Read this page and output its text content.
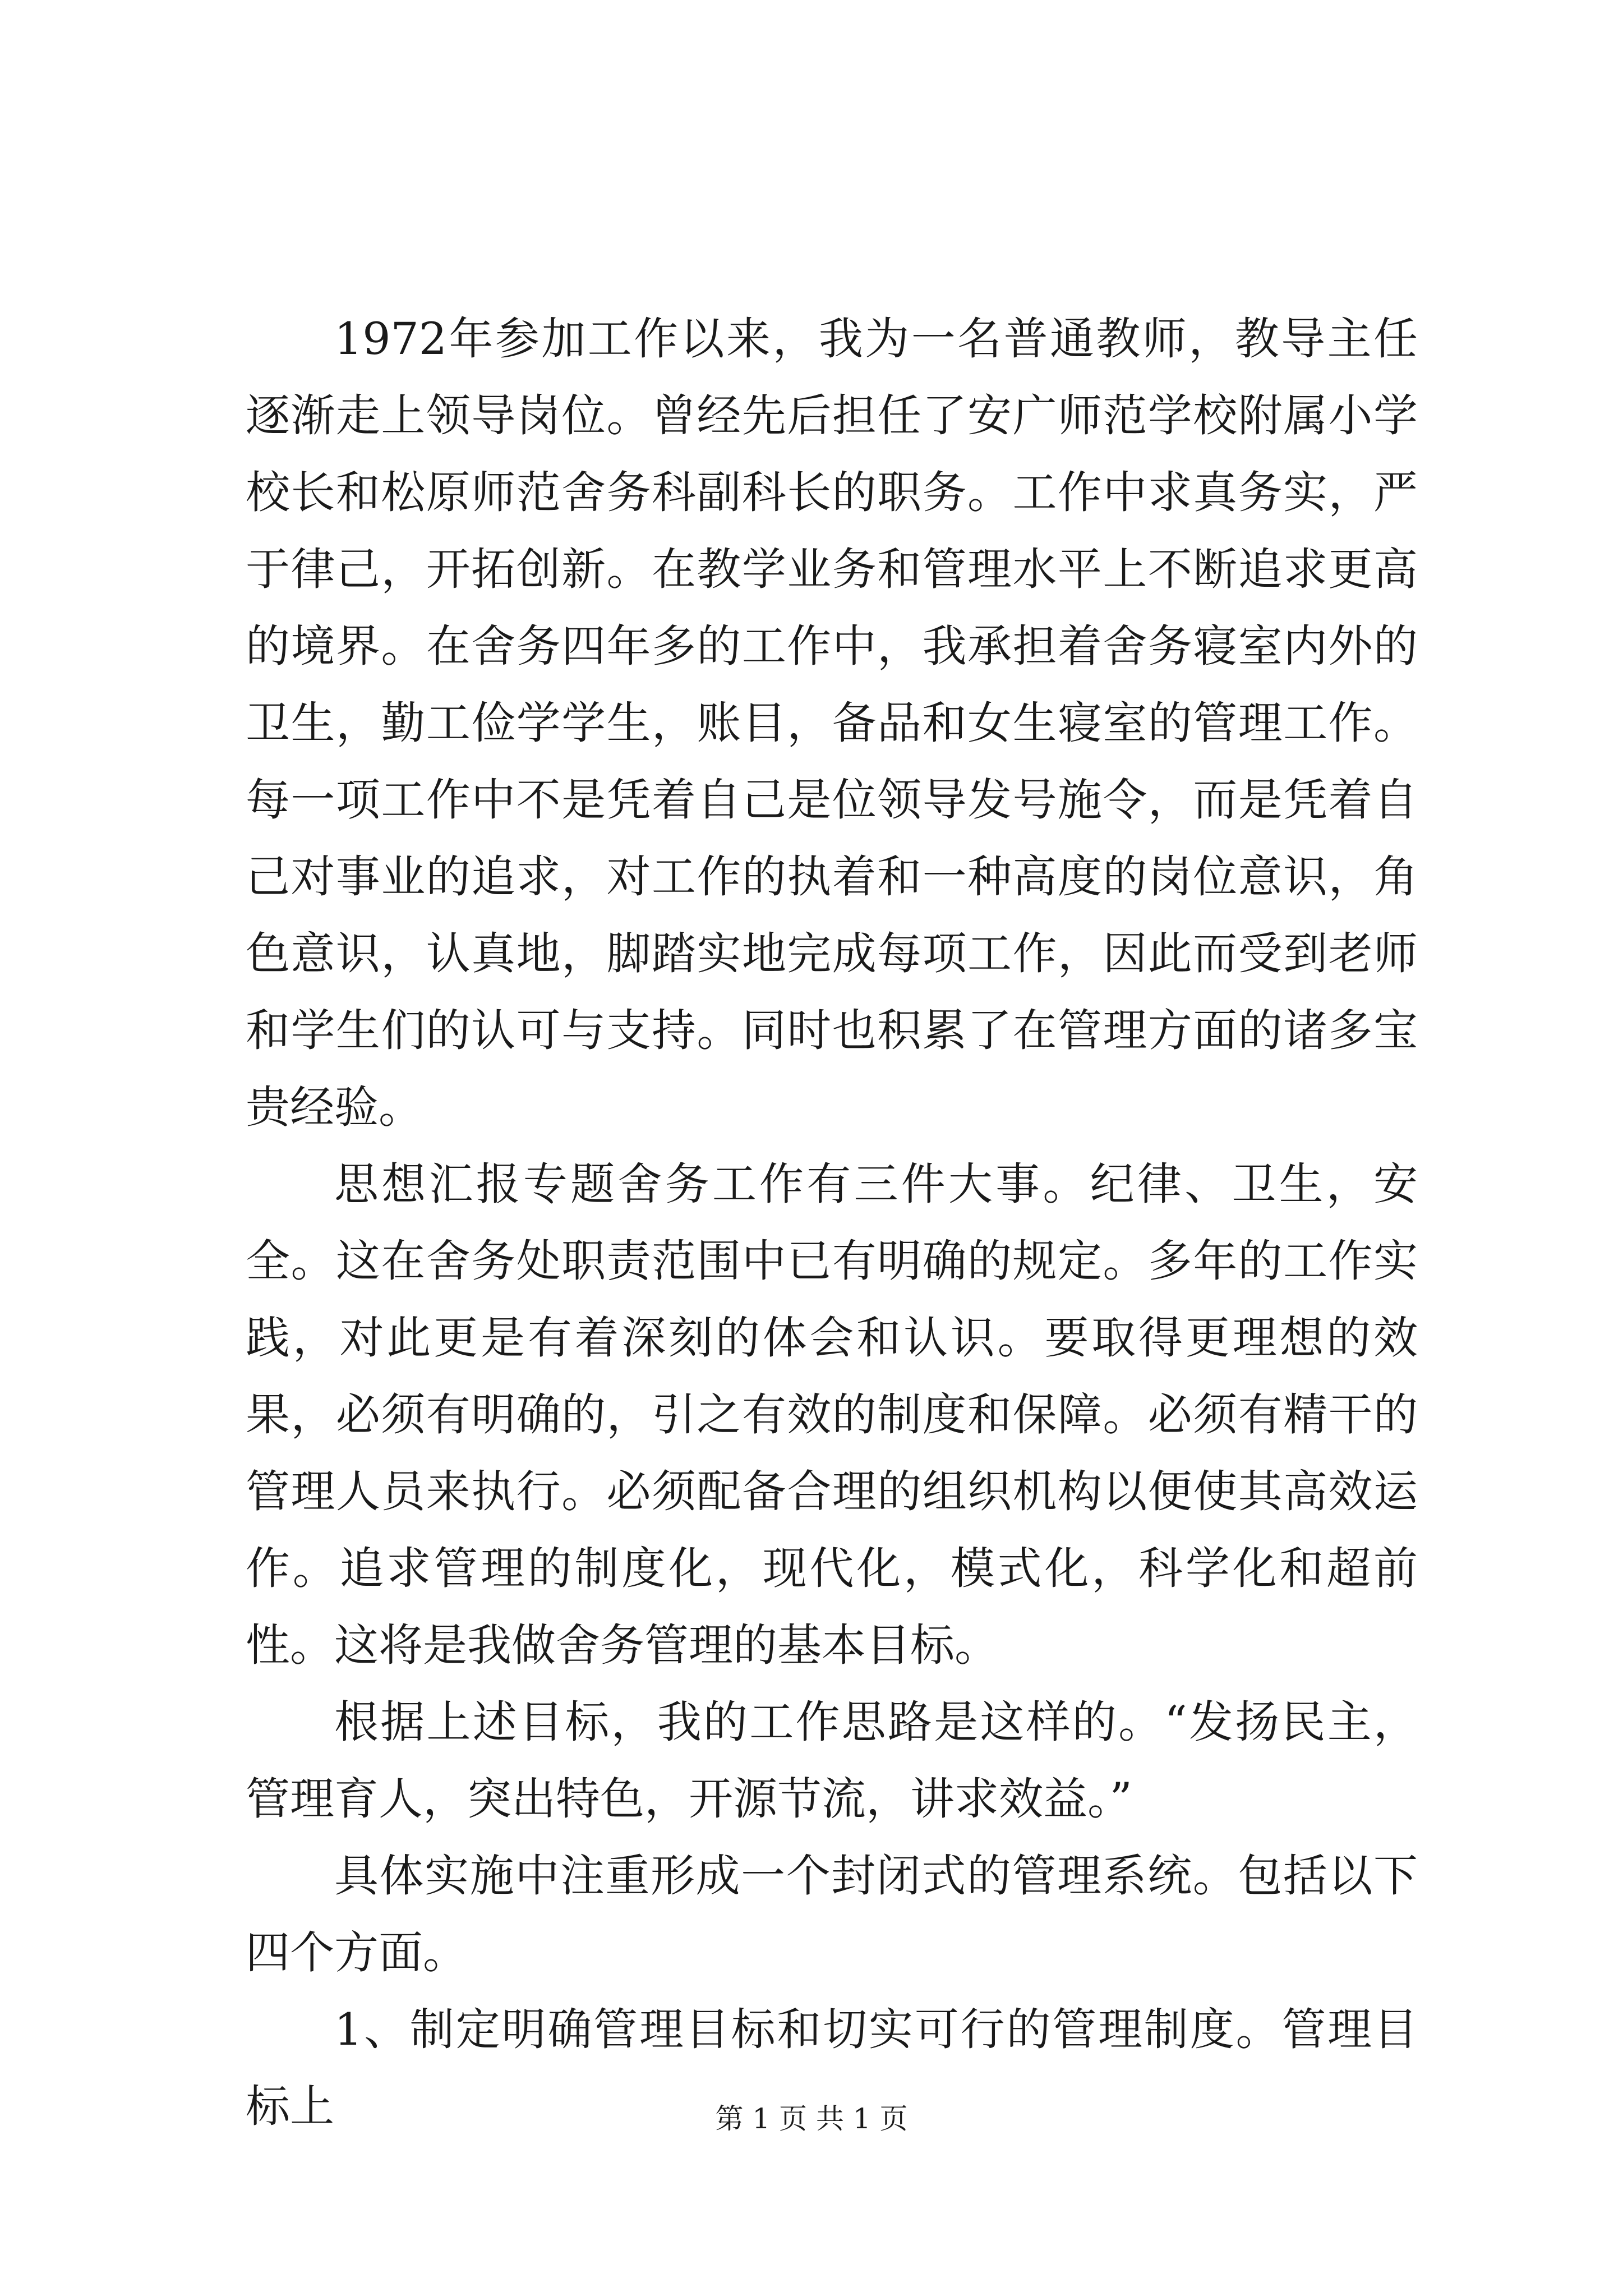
1972年参加工作以来，我为一名普通教师，教导主任逐渐走上领导岗位。曾经先后担任了安广师范学校附属小学校长和松原师范舍务科副科长的职务。工作中求真务实，严于律己，开拓创新。在教学业务和管理水平上不断追求更高的境界。在舍务四年多的工作中，我承担着舍务寝室内外的卫生，勤工俭学学生，账目，备品和女生寝室的管理工作。每一项工作中不是凭着自己是位领导发号施令，而是凭着自己对事业的追求，对工作的执着和一种高度的岗位意识，角色意识，认真地，脚踏实地完成每项工作，因此而受到老师和学生们的认可与支持。同时也积累了在管理方面的诸多宝贵经验。

思想汇报专题舍务工作有三件大事。纪律、卫生，安全。这在舍务处职责范围中已有明确的规定。多年的工作实践，对此更是有着深刻的体会和认识。要取得更理想的效果，必须有明确的，引之有效的制度和保障。必须有精干的管理人员来执行。必须配备合理的组织机构以便使其高效运作。追求管理的制度化，现代化，模式化，科学化和超前性。这将是我做舍务管理的基本目标。

根据上述目标，我的工作思路是这样的。“发扬民主，管理育人，突出特色，开源节流，讲求效益。”

具体实施中注重形成一个封闭式的管理系统。包括以下四个方面。

1、制定明确管理目标和切实可行的管理制度。管理目标上	第 1 页 共 1 页
